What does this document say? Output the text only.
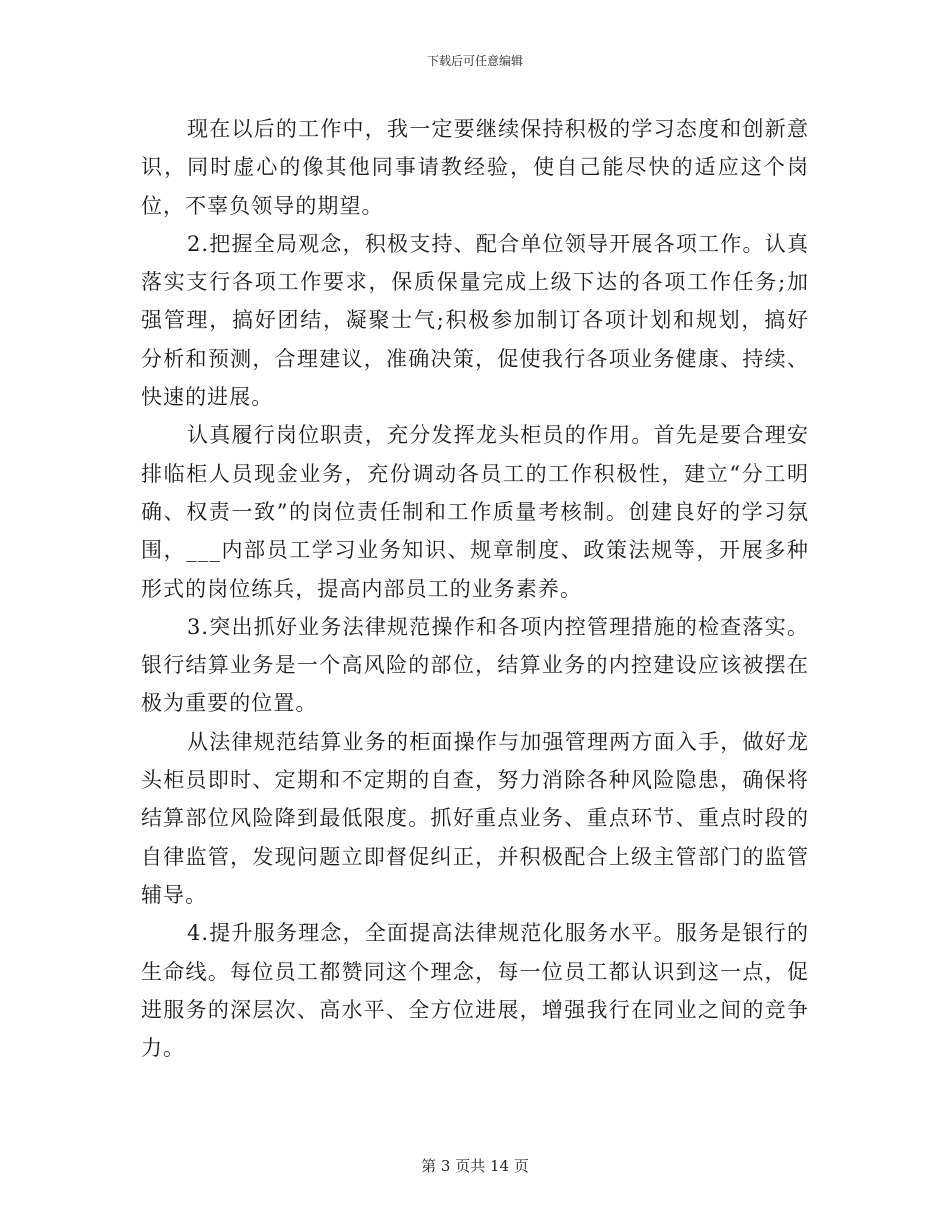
下载后可任意编辑

现在以后的工作中，我一定要继续保持积极的学习态度和创新意识，同时虚心的像其他同事请教经验，使自己能尽快的适应这个岗位，不辜负领导的期望。

2.把握全局观念，积极支持、配合单位领导开展各项工作。认真落实支行各项工作要求，保质保量完成上级下达的各项工作任务;加强管理，搞好团结，凝聚士气;积极参加制订各项计划和规划，搞好分析和预测，合理建议，准确决策，促使我行各项业务健康、持续、快速的进展。

认真履行岗位职责，充分发挥龙头柜员的作用。首先是要合理安排临柜人员现金业务，充份调动各员工的工作积极性，建立“分工明确、权责一致”的岗位责任制和工作质量考核制。创建良好的学习氛围，___内部员工学习业务知识、规章制度、政策法规等，开展多种形式的岗位练兵，提高内部员工的业务素养。

3.突出抓好业务法律规范操作和各项内控管理措施的检查落实。银行结算业务是一个高风险的部位，结算业务的内控建设应该被摆在极为重要的位置。

从法律规范结算业务的柜面操作与加强管理两方面入手，做好龙头柜员即时、定期和不定期的自查，努力消除各种风险隐患，确保将结算部位风险降到最低限度。抓好重点业务、重点环节、重点时段的自律监管，发现问题立即督促纠正，并积极配合上级主管部门的监管辅导。

4.提升服务理念，全面提高法律规范化服务水平。服务是银行的生命线。每位员工都赞同这个理念，每一位员工都认识到这一点，促进服务的深层次、高水平、全方位进展，增强我行在同业之间的竞争力。

第 3 页共 14 页
